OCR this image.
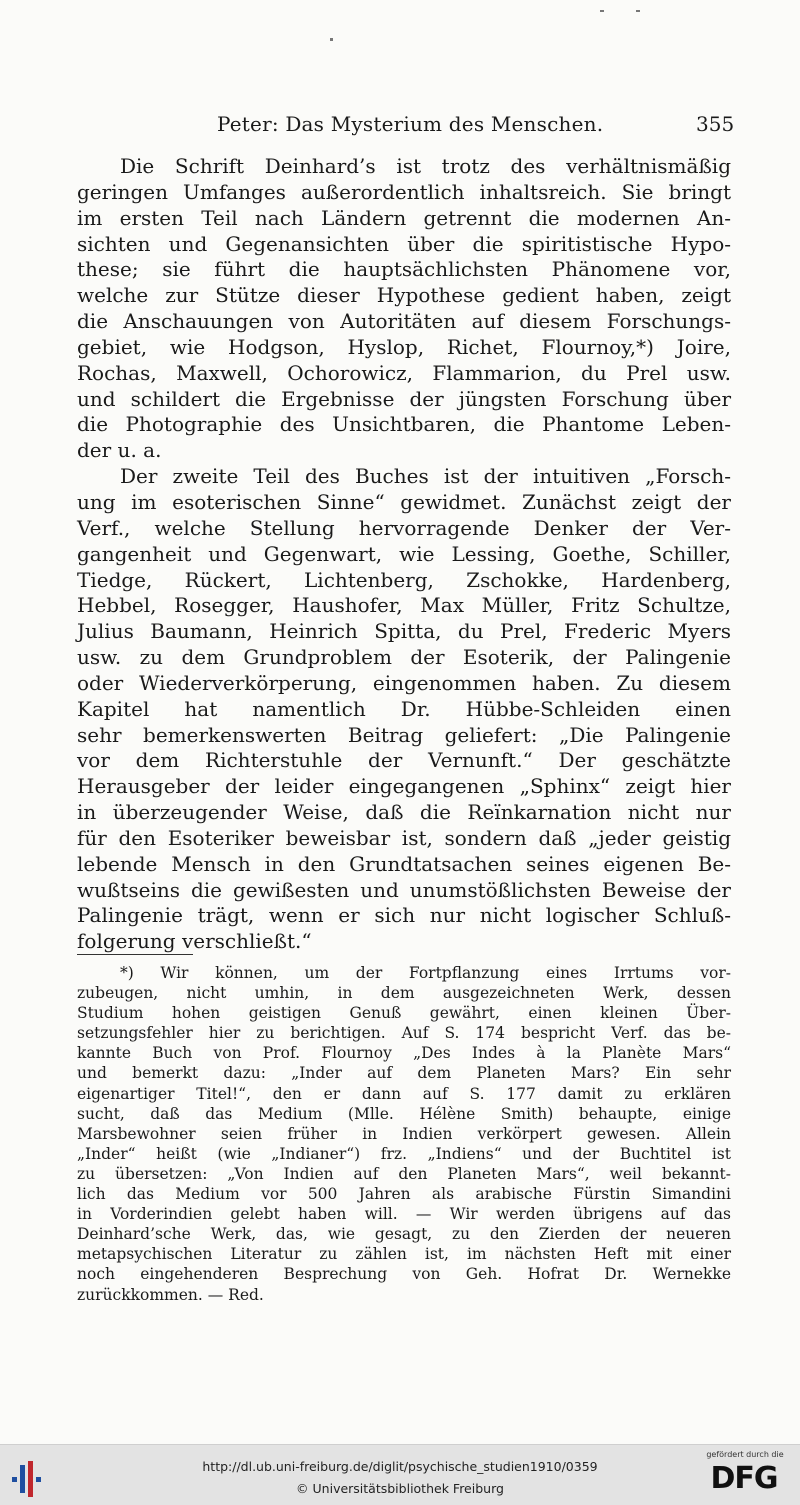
Peter: Das Mysterium des Menschen.	355
Die Schrift Deinhard’s ist trotz des verhältnismäßig
geringen Umfanges außerordentlich inhaltsreich. Sie bringt
im ersten Teil nach Ländern getrennt die modernen An-
sichten und Gegenansichten über die spiritistische Hypo-
these; sie führt die hauptsächlichsten Phänomene vor,
welche zur Stütze dieser Hypothese gedient haben, zeigt
die Anschauungen von Autoritäten auf diesem Forschungs-
gebiet, wie Hodgson, Hyslop, Richet, Flournoy,*) Joire,
Rochas, Maxwell, Ochorowicz, Flammarion, du Prel usw.
und schildert die Ergebnisse der jüngsten Forschung über
die Photographie des Unsichtbaren, die Phantome Leben-
der u. a.
Der zweite Teil des Buches ist der intuitiven „Forsch-
ung im esoterischen Sinne“ gewidmet. Zunächst zeigt der
Verf., welche Stellung hervorragende Denker der Ver-
gangenheit und Gegenwart, wie Lessing, Goethe, Schiller,
Tiedge, Rückert, Lichtenberg, Zschokke, Hardenberg,
Hebbel, Rosegger, Haushofer, Max Müller, Fritz Schultze,
Julius Baumann, Heinrich Spitta, du Prel, Frederic Myers
usw. zu dem Grundproblem der Esoterik, der Palingenie
oder Wiederverkörperung, eingenommen haben. Zu diesem
Kapitel hat namentlich Dr. Hübbe-Schleiden einen
sehr bemerkenswerten Beitrag geliefert: „Die Palingenie
vor dem Richterstuhle der Vernunft.“ Der geschätzte
Herausgeber der leider eingegangenen „Sphinx“ zeigt hier
in überzeugender Weise, daß die Reïnkarnation nicht nur
für den Esoteriker beweisbar ist, sondern daß „jeder geistig
lebende Mensch in den Grundtatsachen seines eigenen Be-
wußtseins die gewißesten und unumstößlichsten Beweise der
Palingenie trägt, wenn er sich nur nicht logischer Schluß-
folgerung verschließt.“
*) Wir können, um der Fortpflanzung eines Irrtums vor-
zubeugen, nicht umhin, in dem ausgezeichneten Werk, dessen
Studium hohen geistigen Genuß gewährt, einen kleinen Über-
setzungsfehler hier zu berichtigen. Auf S. 174 bespricht Verf. das be-
kannte Buch von Prof. Flournoy „Des Indes à la Planète Mars“
und bemerkt dazu: „Inder auf dem Planeten Mars? Ein sehr
eigenartiger Titel!“, den er dann auf S. 177 damit zu erklären
sucht, daß das Medium (Mlle. Hélène Smith) behaupte, einige
Marsbewohner seien früher in Indien verkörpert gewesen. Allein
„Inder“ heißt (wie „Indianer“) frz. „Indiens“ und der Buchtitel ist
zu übersetzen: „Von Indien auf den Planeten Mars“, weil bekannt-
lich das Medium vor 500 Jahren als arabische Fürstin Simandini
in Vorderindien gelebt haben will. — Wir werden übrigens auf das
Deinhard’sche Werk, das, wie gesagt, zu den Zierden der neueren
metapsychischen Literatur zu zählen ist, im nächsten Heft mit einer
noch eingehenderen Besprechung von Geh. Hofrat Dr. Wernekke
zurückkommen. — Red.
http://dl.ub.uni-freiburg.de/diglit/psychische_studien1910/0359
© Universitätsbibliothek Freiburg
gefördert durch die
DFG
